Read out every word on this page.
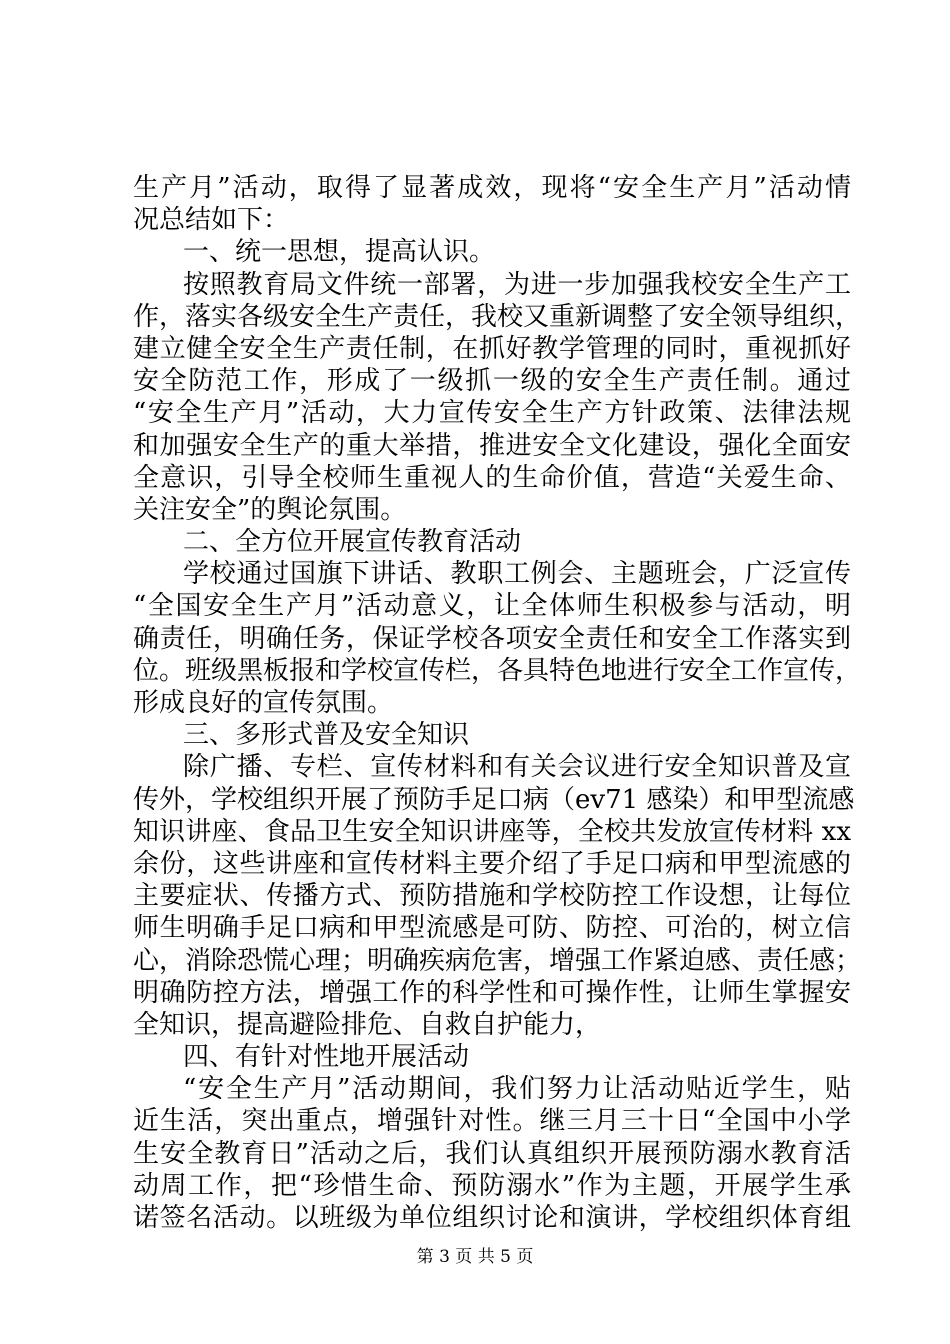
生产月”活动，取得了显著成效，现将“安全生产月”活动情
况总结如下：
一、统一思想，提高认识。
按照教育局文件统一部署，为进一步加强我校安全生产工
作，落实各级安全生产责任，我校又重新调整了安全领导组织，
建立健全安全生产责任制，在抓好教学管理的同时，重视抓好
安全防范工作，形成了一级抓一级的安全生产责任制。通过
“安全生产月”活动，大力宣传安全生产方针政策、法律法规
和加强安全生产的重大举措，推进安全文化建设，强化全面安
全意识，引导全校师生重视人的生命价值，营造“关爱生命、
关注安全”的舆论氛围。
二、全方位开展宣传教育活动
学校通过国旗下讲话、教职工例会、主题班会，广泛宣传
“全国安全生产月”活动意义，让全体师生积极参与活动，明
确责任，明确任务，保证学校各项安全责任和安全工作落实到
位。班级黑板报和学校宣传栏，各具特色地进行安全工作宣传，
形成良好的宣传氛围。
三、多形式普及安全知识
除广播、专栏、宣传材料和有关会议进行安全知识普及宣
传外，学校组织开展了预防手足口病（ev71 感染）和甲型流感
知识讲座、食品卫生安全知识讲座等，全校共发放宣传材料 xx
余份，这些讲座和宣传材料主要介绍了手足口病和甲型流感的
主要症状、传播方式、预防措施和学校防控工作设想，让每位
师生明确手足口病和甲型流感是可防、防控、可治的，树立信
心，消除恐慌心理；明确疾病危害，增强工作紧迫感、责任感；
明确防控方法，增强工作的科学性和可操作性，让师生掌握安
全知识，提高避险排危、自救自护能力，
四、有针对性地开展活动
“安全生产月”活动期间，我们努力让活动贴近学生，贴
近生活，突出重点，增强针对性。继三月三十日“全国中小学
生安全教育日”活动之后，我们认真组织开展预防溺水教育活
动周工作，把“珍惜生命、预防溺水”作为主题，开展学生承
诺签名活动。以班级为单位组织讨论和演讲，学校组织体育组
第 3 页 共 5 页
